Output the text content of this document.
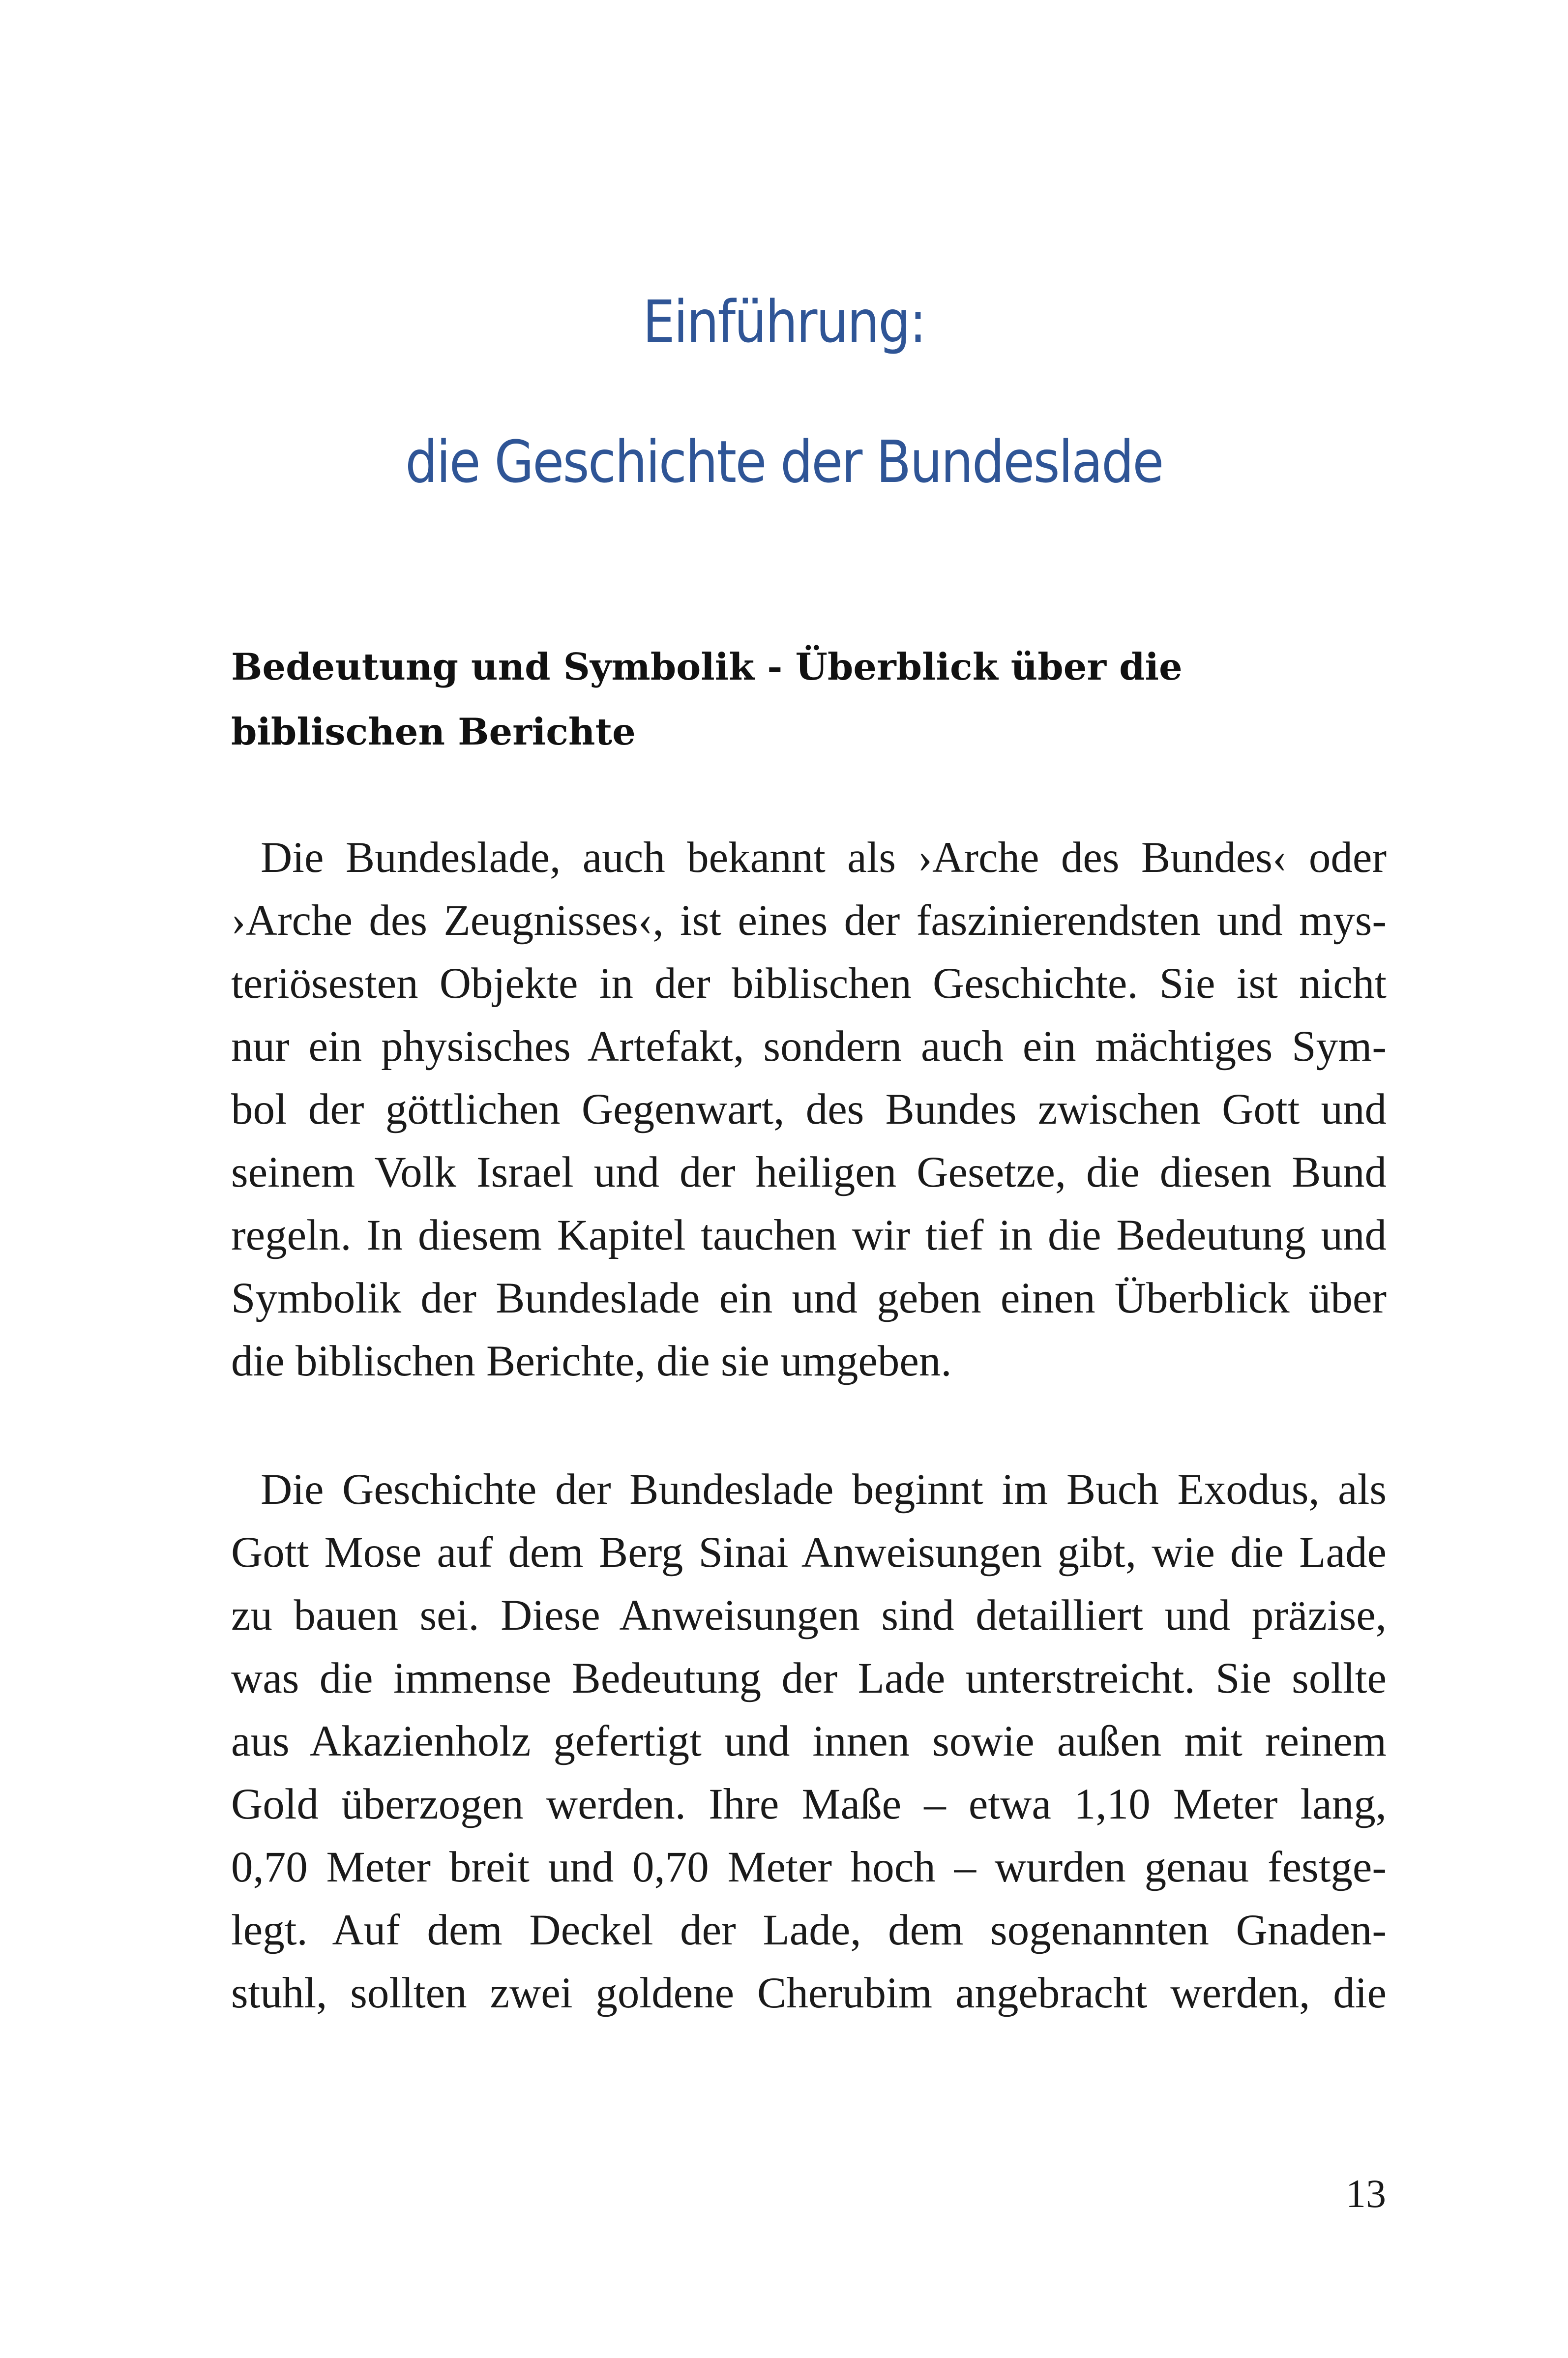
Einführung:
die Geschichte der Bundeslade
Bedeutung und Symbolik - Überblick über die biblischen Berichte
Die Bundeslade, auch bekannt als ›Arche des Bundes‹ oder
›Arche des Zeugnisses‹, ist eines der faszinierendsten und mys-
teriösesten Objekte in der biblischen Geschichte. Sie ist nicht
nur ein physisches Artefakt, sondern auch ein mächtiges Sym-
bol der göttlichen Gegenwart, des Bundes zwischen Gott und
seinem Volk Israel und der heiligen Gesetze, die diesen Bund
regeln. In diesem Kapitel tauchen wir tief in die Bedeutung und
Symbolik der Bundeslade ein und geben einen Überblick über
die biblischen Berichte, die sie umgeben.
Die Geschichte der Bundeslade beginnt im Buch Exodus, als
Gott Mose auf dem Berg Sinai Anweisungen gibt, wie die Lade
zu bauen sei. Diese Anweisungen sind detailliert und präzise,
was die immense Bedeutung der Lade unterstreicht. Sie sollte
aus Akazienholz gefertigt und innen sowie außen mit reinem
Gold überzogen werden. Ihre Maße – etwa 1,10 Meter lang,
0,70 Meter breit und 0,70 Meter hoch – wurden genau festge-
legt. Auf dem Deckel der Lade, dem sogenannten Gnaden-
stuhl, sollten zwei goldene Cherubim angebracht werden, die

13
